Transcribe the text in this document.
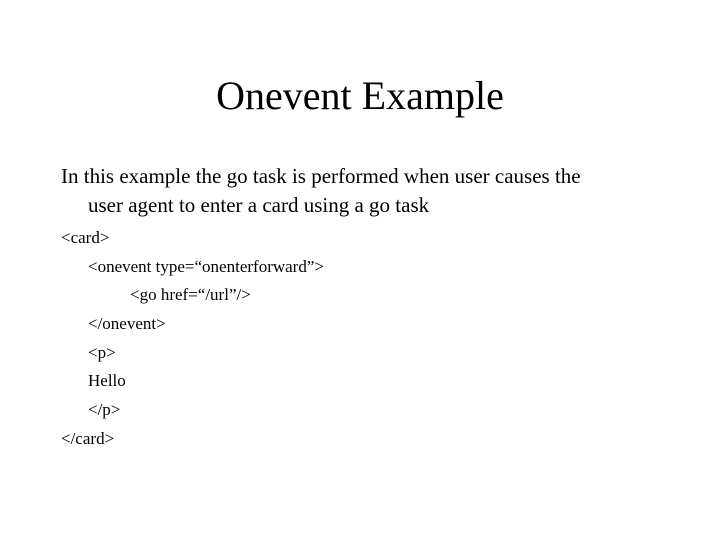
Onevent Example
In this example the go task is performed when user causes the
user agent to enter a card using a go task
<card>
<onevent type=“onenterforward”>
<go href=“/url”/>
</onevent>
<p>
Hello
</p>
</card>
